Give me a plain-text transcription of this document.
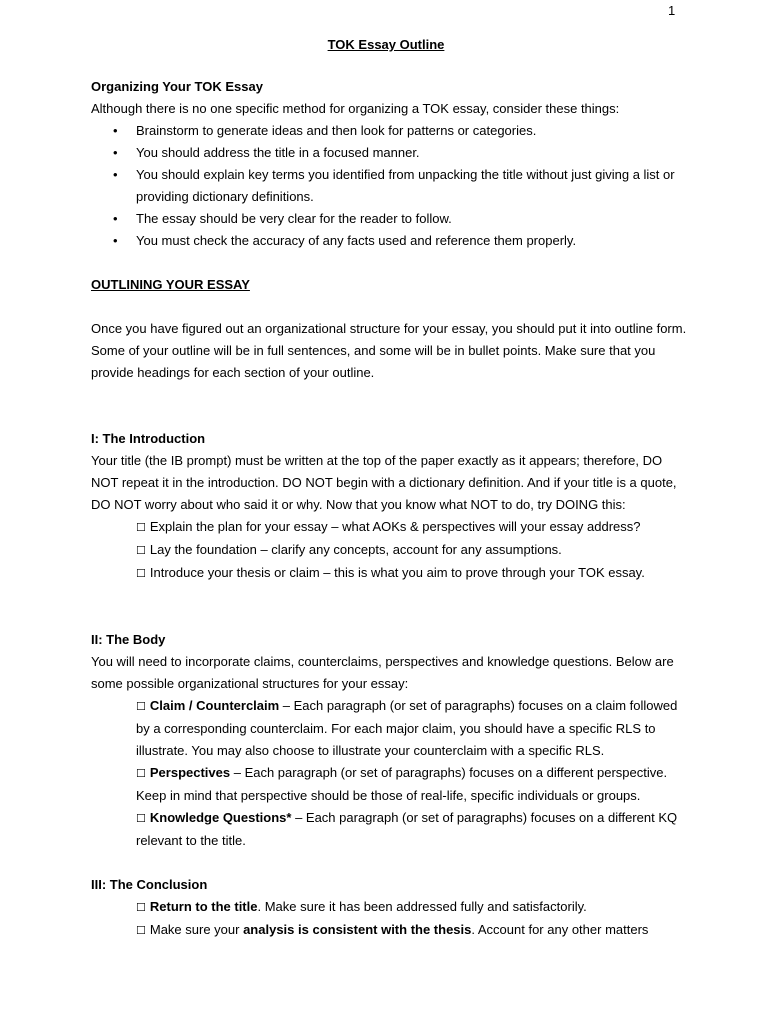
1
TOK Essay Outline
Organizing Your TOK Essay

Although there is no one specific method for organizing a TOK essay, consider these things:

• Brainstorm to generate ideas and then look for patterns or categories.
• You should address the title in a focused manner.
• You should explain key terms you identified from unpacking the title without just giving a list or providing dictionary definitions.
• The essay should be very clear for the reader to follow.
• You must check the accuracy of any facts used and reference them properly.
OUTLINING YOUR ESSAY

Once you have figured out an organizational structure for your essay, you should put it into outline form. Some of your outline will be in full sentences, and some will be in bullet points. Make sure that you provide headings for each section of your outline.

I: The Introduction

Your title (the IB prompt) must be written at the top of the paper exactly as it appears; therefore, DO NOT repeat it in the introduction. DO NOT begin with a dictionary definition. And if your title is a quote, DO NOT worry about who said it or why. Now that you know what NOT to do, try DOING this:

☐ Explain the plan for your essay – what AOKs & perspectives will your essay address?
☐ Lay the foundation – clarify any concepts, account for any assumptions.
☐ Introduce your thesis or claim – this is what you aim to prove through your TOK essay.
II: The Body

You will need to incorporate claims, counterclaims, perspectives and knowledge questions. Below are some possible organizational structures for your essay:

☐ Claim / Counterclaim – Each paragraph (or set of paragraphs) focuses on a claim followed by a corresponding counterclaim. For each major claim, you should have a specific RLS to illustrate. You may also choose to illustrate your counterclaim with a specific RLS.
☐ Perspectives – Each paragraph (or set of paragraphs) focuses on a different perspective. Keep in mind that perspective should be those of real-life, specific individuals or groups.
☐ Knowledge Questions* – Each paragraph (or set of paragraphs) focuses on a different KQ relevant to the title.
III: The Conclusion
☐ Return to the title. Make sure it has been addressed fully and satisfactorily.
☐ Make sure your analysis is consistent with the thesis. Account for any other matters
